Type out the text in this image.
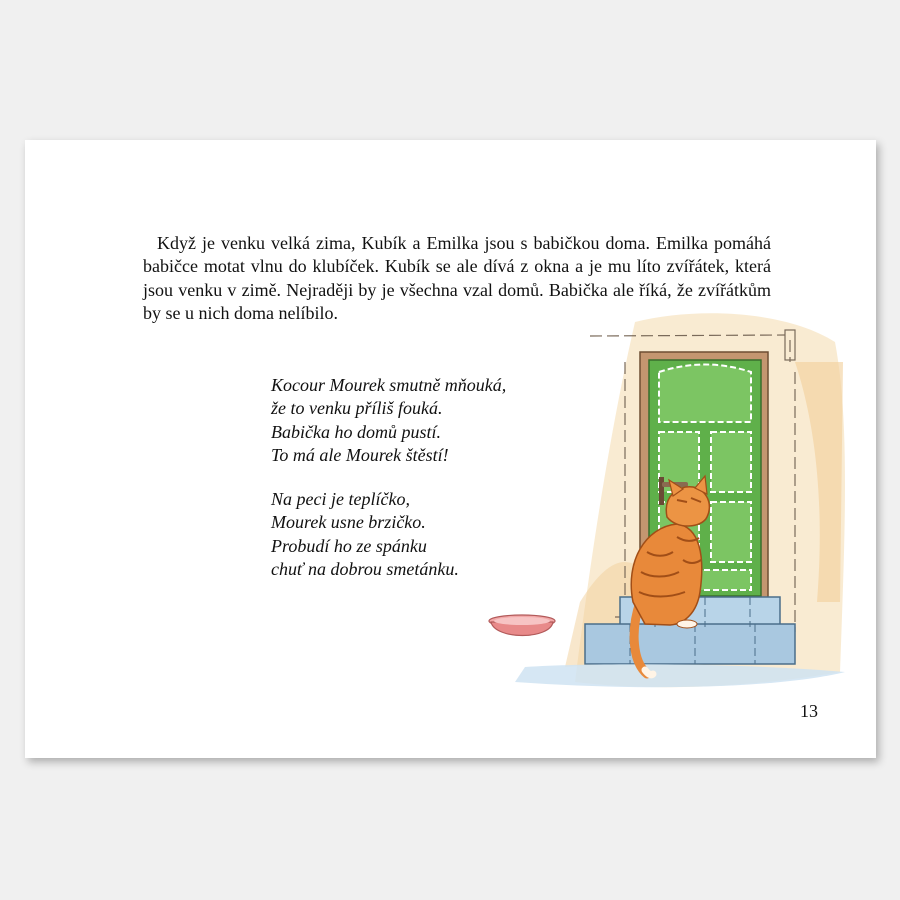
Když je venku velká zima, Kubík a Emilka jsou s babičkou doma. Emilka pomáhá babičce motat vlnu do klubíček. Kubík se ale dívá z okna a je mu líto zvířátek, která jsou venku v zimě. Nejraději by je všechna vzal domů. Babička ale říká, že zvířátkům by se u nich doma nelíbilo.

Kocour Mourek smutně mňouká,
že to venku příliš fouká.
Babička ho domů pustí.
To má ale Mourek štěstí!
Na peci je teplíčko,
Mourek usne brzičko.
Probudí ho ze spánku
chuť na dobrou smetánku.
13
